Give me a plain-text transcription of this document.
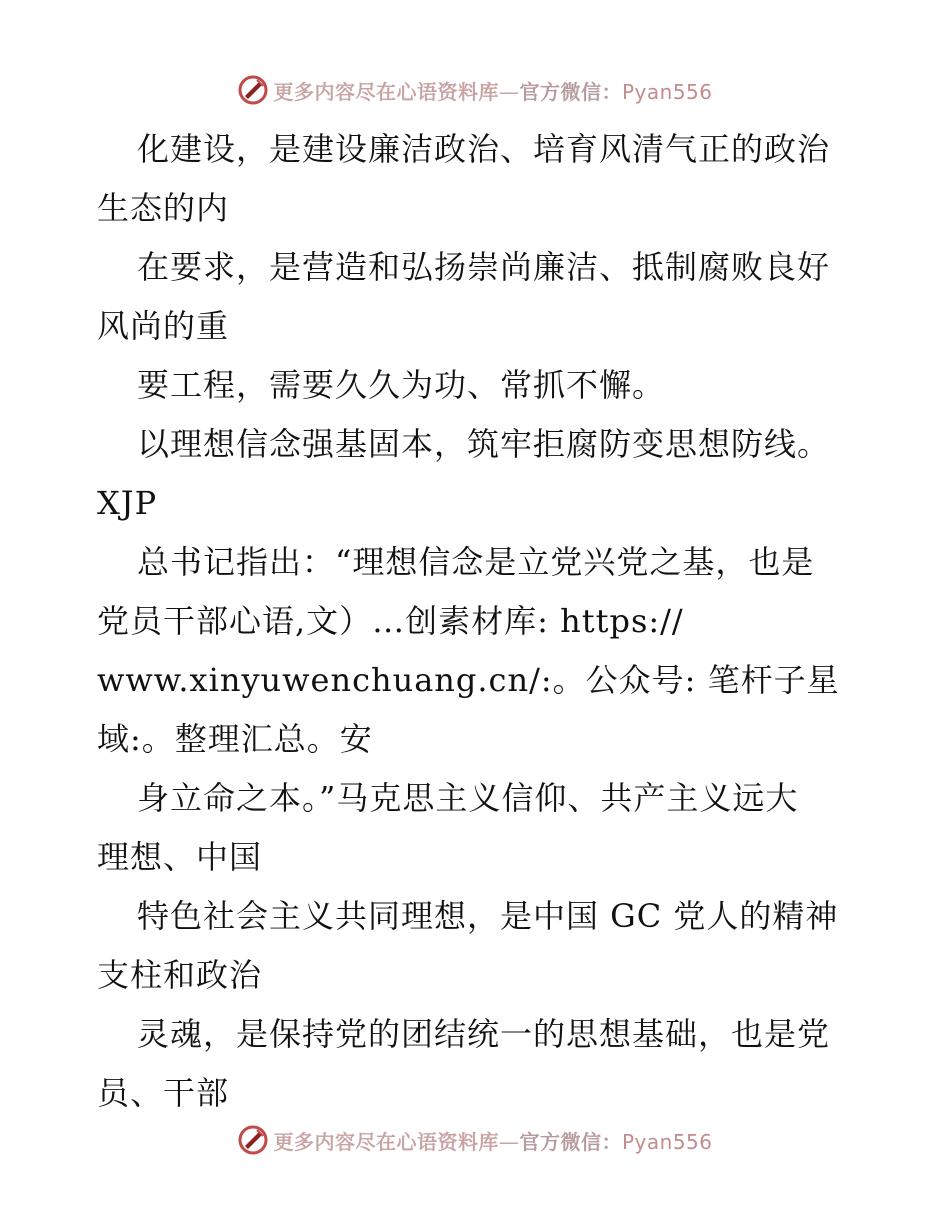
更多内容尽在心语资料库—官方微信：Pyan556
化建设，是建设廉洁政治、培育风清气正的政治
生态的内
在要求，是营造和弘扬崇尚廉洁、抵制腐败良好
风尚的重
要工程，需要久久为功、常抓不懈。
以理想信念强基固本，筑牢拒腐防变思想防线。
XJP
总书记指出：“理想信念是立党兴党之基，也是
党员干部心语,文）…创素材库: https://
www.xinyuwenchuang.cn/:。公众号: 笔杆子星
域:。整理汇总。安
身立命之本。”马克思主义信仰、共产主义远大
理想、中国
特色社会主义共同理想，是中国 GC 党人的精神
支柱和政治
灵魂，是保持党的团结统一的思想基础，也是党
员、干部
更多内容尽在心语资料库—官方微信：Pyan556
